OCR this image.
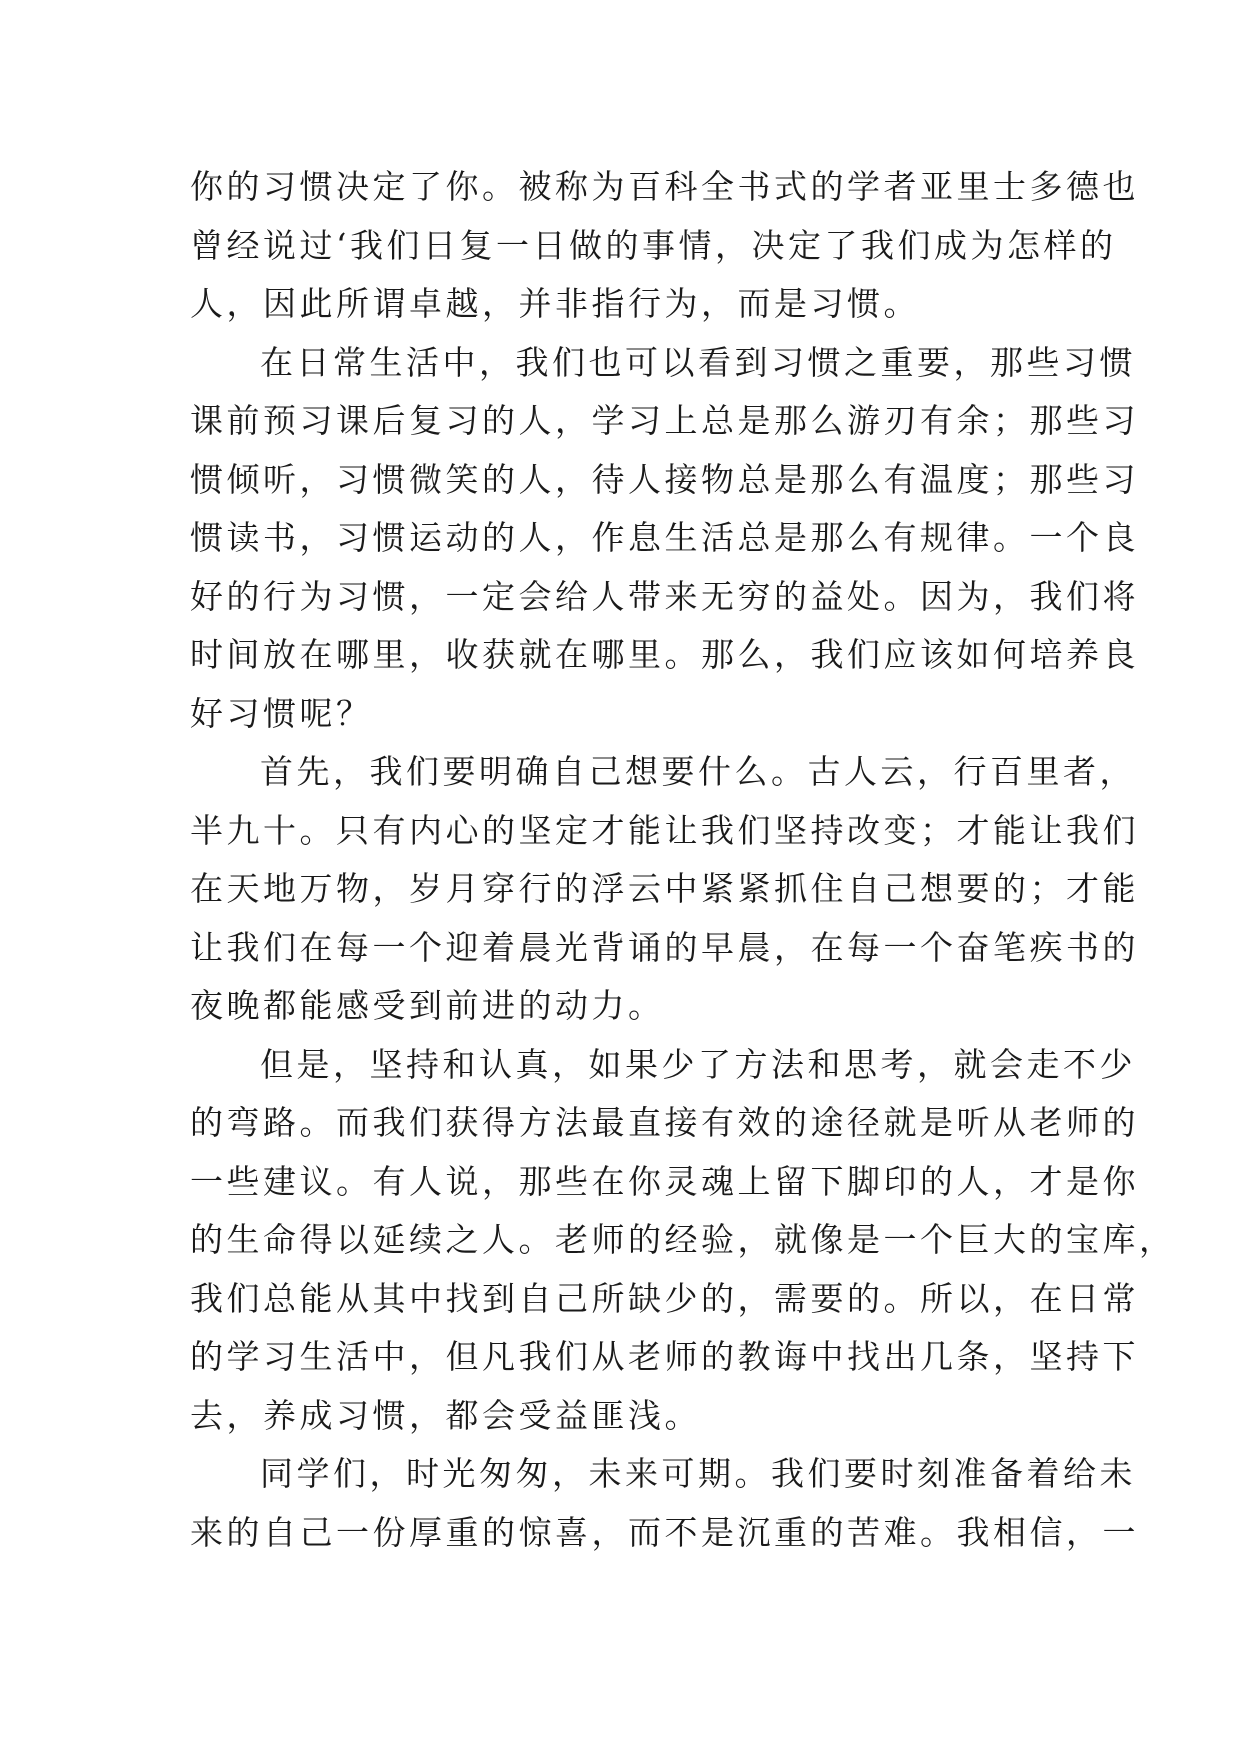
你的习惯决定了你。被称为百科全书式的学者亚里士多德也
曾经说过‘我们日复一日做的事情，决定了我们成为怎样的
人，因此所谓卓越，并非指行为，而是习惯。
在日常生活中，我们也可以看到习惯之重要，那些习惯
课前预习课后复习的人，学习上总是那么游刃有余；那些习
惯倾听，习惯微笑的人，待人接物总是那么有温度；那些习
惯读书，习惯运动的人，作息生活总是那么有规律。一个良
好的行为习惯，一定会给人带来无穷的益处。因为，我们将
时间放在哪里，收获就在哪里。那么，我们应该如何培养良
好习惯呢？
首先，我们要明确自己想要什么。古人云，行百里者，
半九十。只有内心的坚定才能让我们坚持改变；才能让我们
在天地万物，岁月穿行的浮云中紧紧抓住自己想要的；才能
让我们在每一个迎着晨光背诵的早晨，在每一个奋笔疾书的
夜晚都能感受到前进的动力。
但是，坚持和认真，如果少了方法和思考，就会走不少
的弯路。而我们获得方法最直接有效的途径就是听从老师的
一些建议。有人说，那些在你灵魂上留下脚印的人，才是你
的生命得以延续之人。老师的经验，就像是一个巨大的宝库，
我们总能从其中找到自己所缺少的，需要的。所以，在日常
的学习生活中，但凡我们从老师的教诲中找出几条，坚持下
去，养成习惯，都会受益匪浅。
同学们，时光匆匆，未来可期。我们要时刻准备着给未
来的自己一份厚重的惊喜，而不是沉重的苦难。我相信，一
